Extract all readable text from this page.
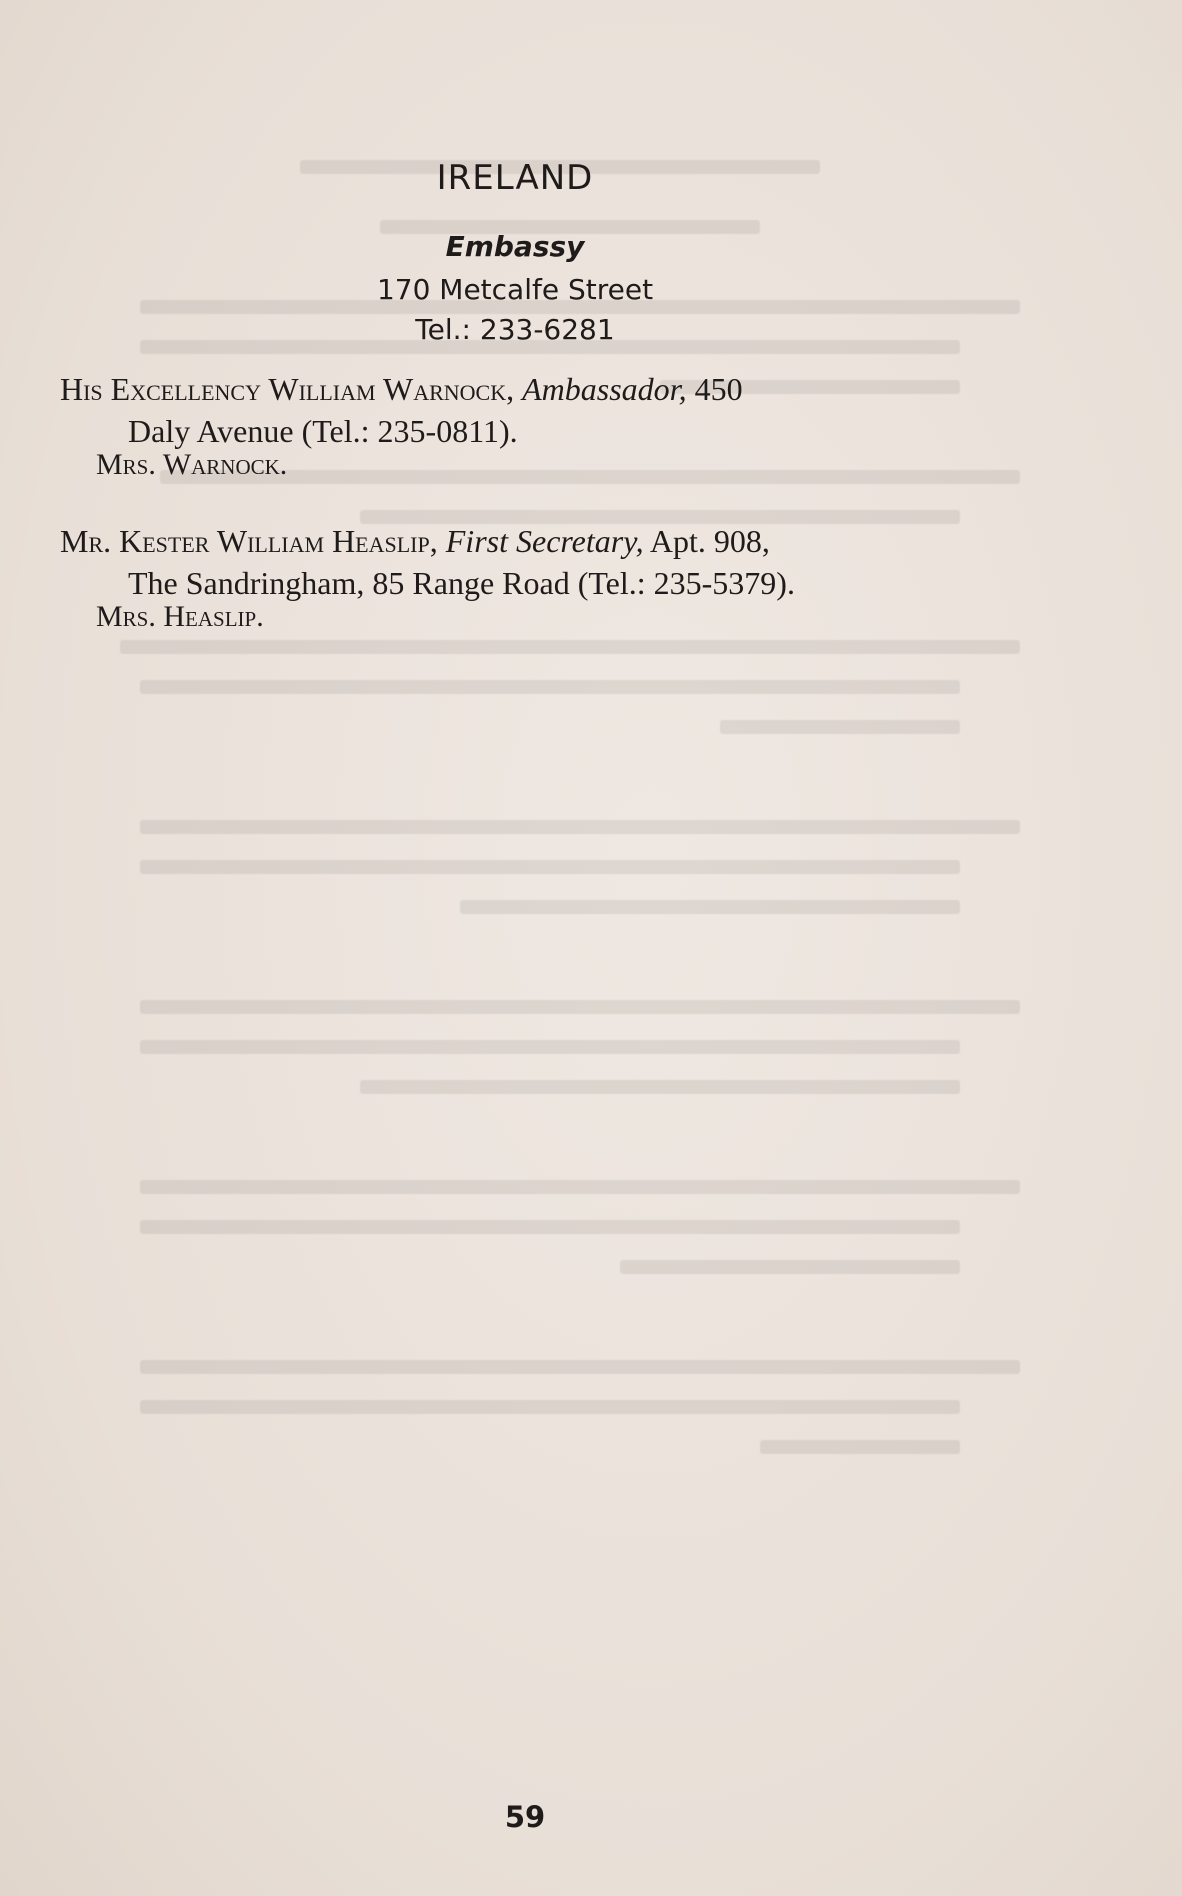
IRELAND
Embassy
170 Metcalfe Street
Tel.: 233-6281
His Excellency William Warnock, Ambassador, 450
Daly Avenue (Tel.: 235-0811).
Mrs. Warnock.
Mr. Kester William Heaslip, First Secretary, Apt. 908,
The Sandringham, 85 Range Road (Tel.: 235-5379).
Mrs. Heaslip.
59
